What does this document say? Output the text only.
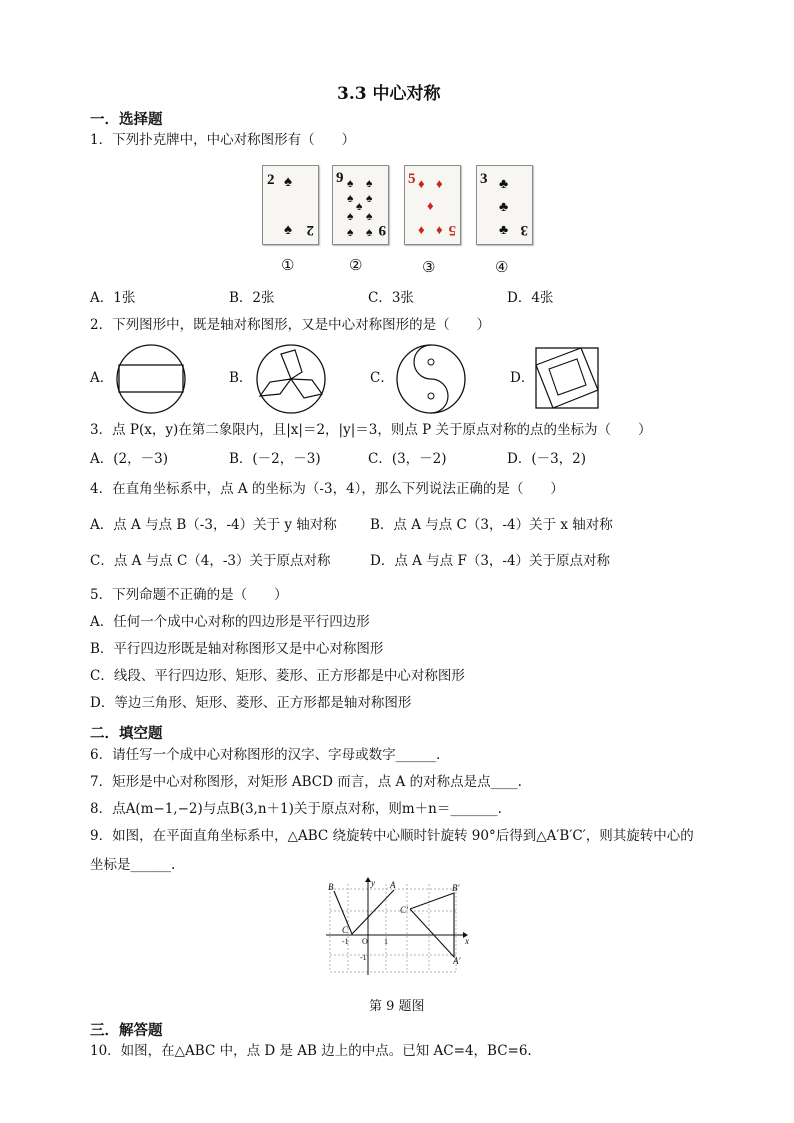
3.3 中心对称
一．选择题
1．下列扑克牌中，中心对称图形有（　　）
2 ♠
♠ 2
9 ♠ ♠
♠ ♠
♠
♠ ♠
♠ ♠ 9
5 ♦ ♦
♦
♦ ♦ 5
3 ♣
♣
♣ 3
①	②	③	④
A．1张	B．2张	C．3张	D．4张
2．下列图形中，既是轴对称图形，又是中心对称图形的是（　　）
A．	B．	C．	D．
3．点 P(x，y)在第二象限内，且|x|＝2，|y|＝3，则点 P 关于原点对称的点的坐标为（　　）
A．(2，－3)	B．(－2，－3)	C．(3，－2)	D．(－3，2)
4．在直角坐标系中，点 A 的坐标为（-3，4），那么下列说法正确的是（　　）
A．点 A 与点 B（-3，-4）关于 y 轴对称 B．点 A 与点 C（3，-4）关于 x 轴对称
C．点 A 与点 C（4，-3）关于原点对称	D．点 A 与点 F（3，-4）关于原点对称
5．下列命题不正确的是（　　）
A．任何一个成中心对称的四边形是平行四边形
B．平行四边形既是轴对称图形又是中心对称图形
C．线段、平行四边形、矩形、菱形、正方形都是中心对称图形
D．等边三角形、矩形、菱形、正方形都是轴对称图形
二．填空题
6．请任写一个成中心对称图形的汉字、字母或数字______．
7．矩形是中心对称图形，对矩形 ABCD 而言，点 A 的对称点是点____.
8．点A(m−1,−2)与点B(3,n＋1)关于原点对称，则m＋n＝_______.
9．如图，在平面直角坐标系中，△ABC 绕旋转中心顺时针旋转 90°后得到△A′B′C′，则其旋转中心的
坐标是______.
B	A
C
B′
C′
A′
x
y
O 1
-1
-1
第 9 题图
三．解答题
10．如图，在△ABC 中，点 D 是 AB 边上的中点。已知 AC=4，BC=6.
